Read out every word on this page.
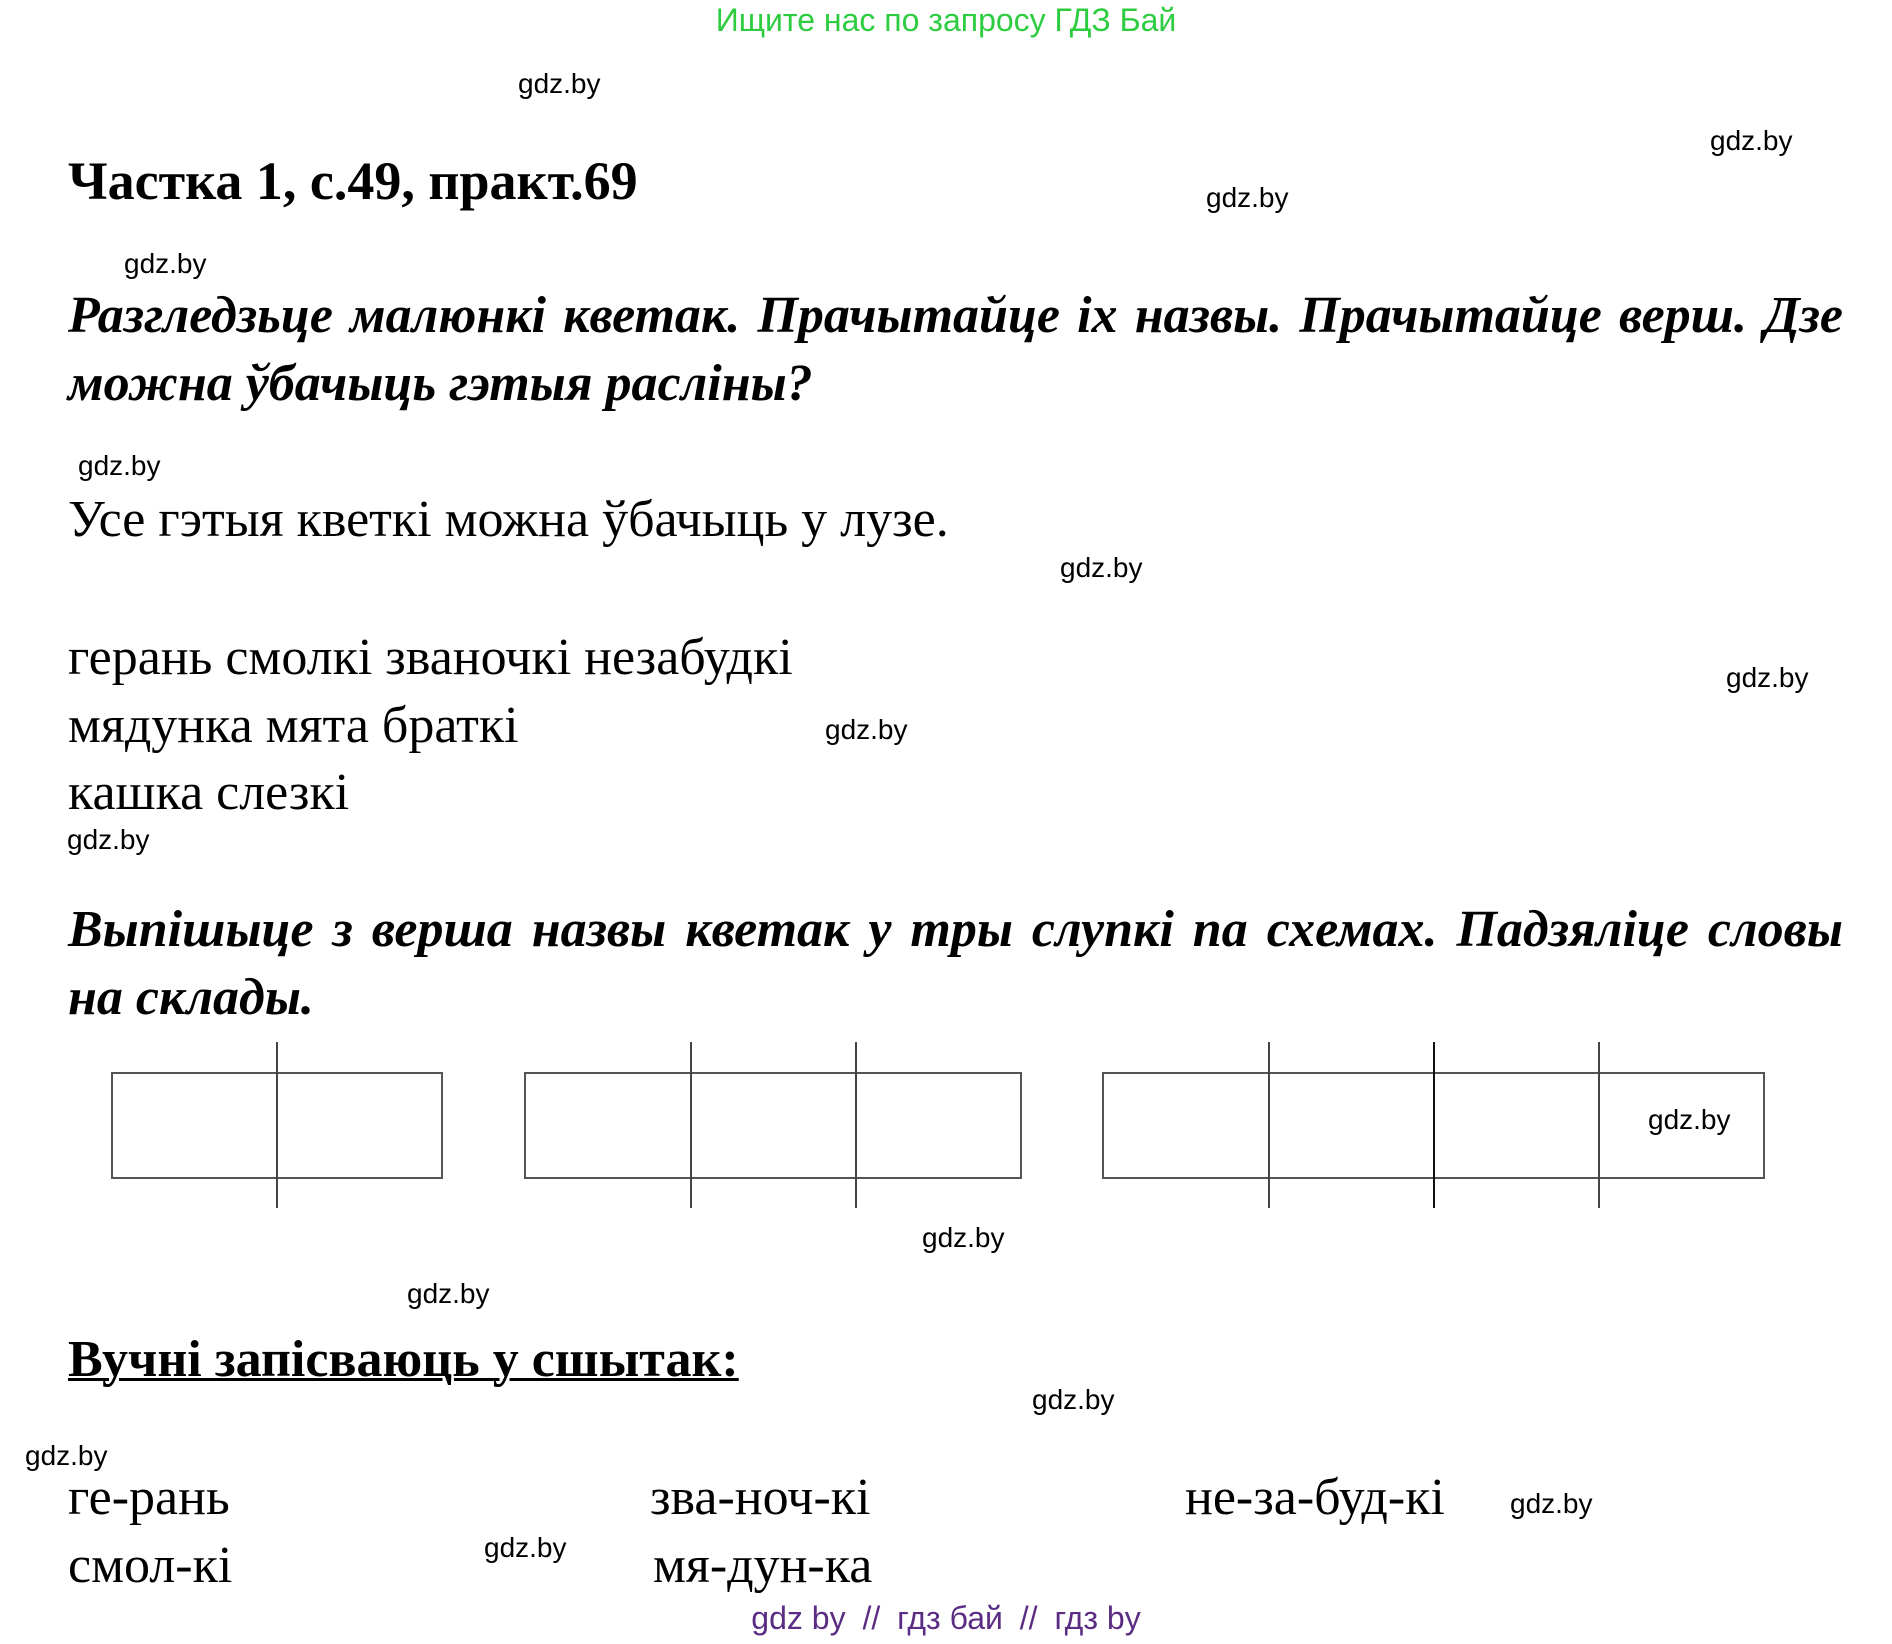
Ищите нас по запросу ГДЗ Бай
Частка 1, с.49, практ.69
Разгледзьце малюнкі кветак. Прачытайце іх назвы. Прачытайце верш. Дзе можна ўбачыць гэтыя расліны?
Усе гэтыя кветкі можна ўбачыць у лузе.
герань смолкі званочкі незабудкі
мядунка мята браткі
кашка слезкі
Выпішыце з верша назвы кветак у тры слупкі па схемах. Падзяліце словы на склады.
Вучні запісваюць у сшытак:
ге-рань
смол-кі
зва-ноч-кі
мя-дун-ка
не-за-буд-кі
gdz.by
gdz.by
gdz.by
gdz.by
gdz.by
gdz.by
gdz.by
gdz.by
gdz.by
gdz.by
gdz.by
gdz.by
gdz.by
gdz.by
gdz.by
gdz.by
gdz by // гдз бай // гдз by
